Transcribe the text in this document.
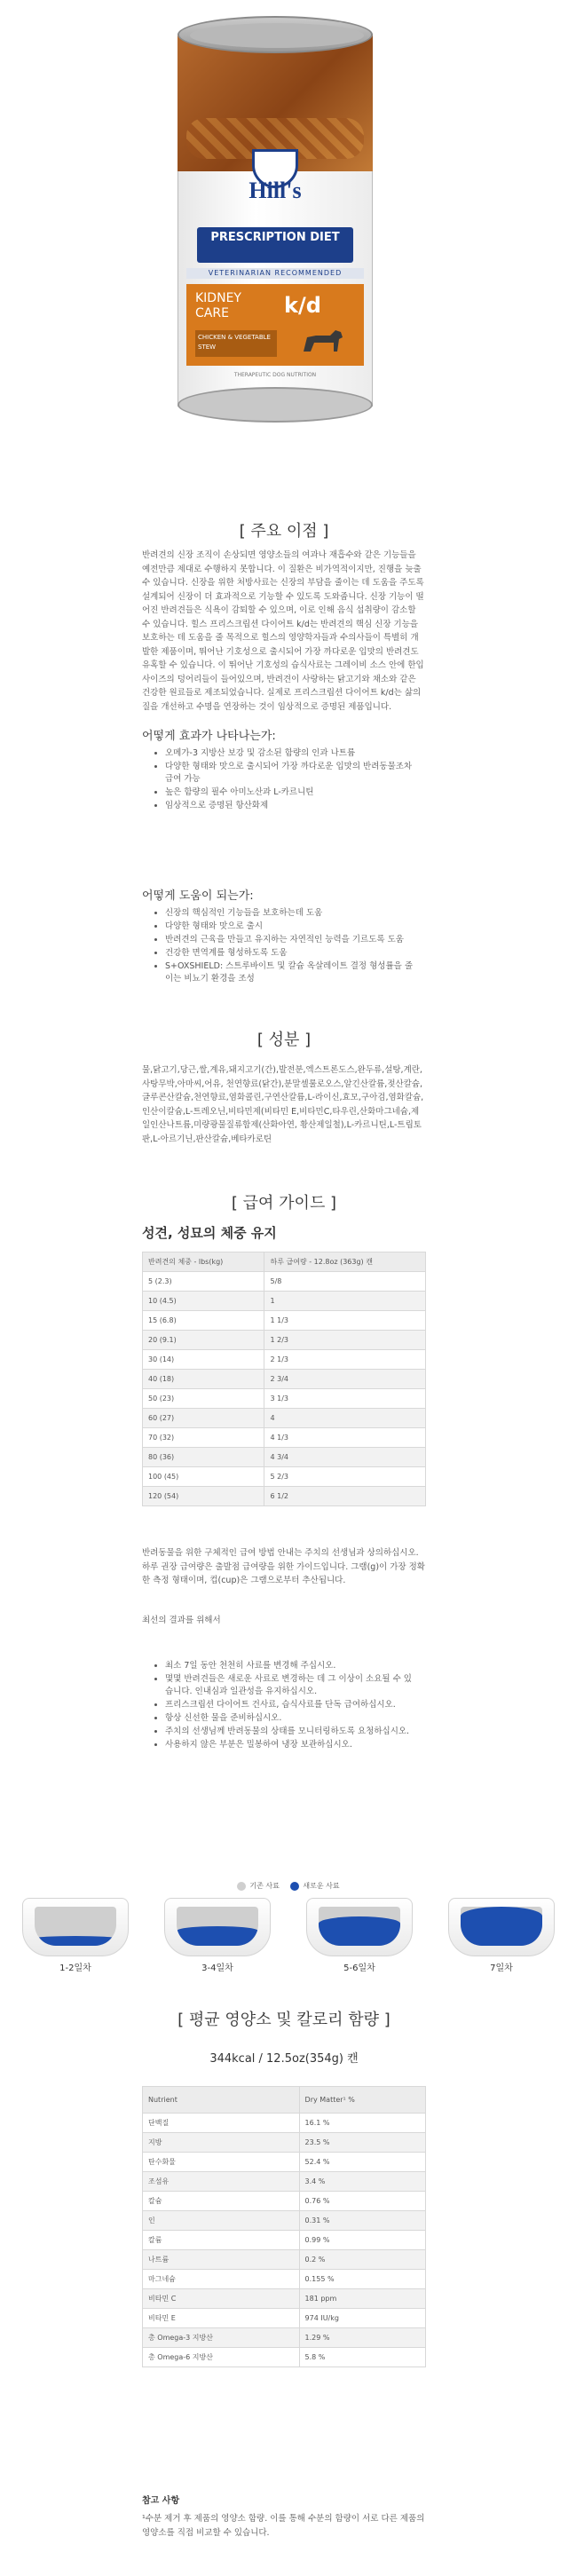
Hill's
PRESCRIPTION DIET
VETERINARIAN RECOMMENDED
KIDNEY CARE	k/d
CHICKEN & VEGETABLE STEW
THERAPEUTIC DOG NUTRITION
[ 주요 이점 ]
반려견의 신장 조직이 손상되면 영양소들의 여과나 재흡수와 같은 기능들을 예전만큼 제대로 수행하지 못합니다. 이 질환은 비가역적이지만, 진행을 늦출 수 있습니다. 신장을 위한 처방사료는 신장의 부담을 줄이는 데 도움을 주도록 설계되어 신장이 더 효과적으로 기능할 수 있도록 도와줍니다. 신장 기능이 떨어진 반려견들은 식욕이 감퇴할 수 있으며, 이로 인해 음식 섭취량이 감소할 수 있습니다. 힐스 프리스크립션 다이어트 k/d는 반려견의 핵심 신장 기능을 보호하는 데 도움을 줄 목적으로 힐스의 영양학자들과 수의사들이 특별히 개발한 제품이며, 뛰어난 기호성으로 출시되어 가장 까다로운 입맛의 반려견도 유혹할 수 있습니다. 이 뛰어난 기호성의 습식사료는 그레이비 소스 안에 한입 사이즈의 덩어리들이 들어있으며, 반려견이 사랑하는 닭고기와 채소와 같은 건강한 원료들로 제조되었습니다. 실제로 프리스크립션 다이어트 k/d는 삶의 질을 개선하고 수명을 연장하는 것이 임상적으로 증명된 제품입니다.
어떻게 효과가 나타나는가:
• 오메가-3 지방산 보강 및 감소된 함량의 인과 나트륨
• 다양한 형태와 맛으로 출시되어 가장 까다로운 입맛의 반려동물조차 급여 가능
• 높은 함량의 필수 아미노산과 L-카르니틴
• 임상적으로 증명된 항산화제
어떻게 도움이 되는가:
• 신장의 핵심적인 기능들을 보호하는데 도움
• 다양한 형태와 맛으로 출시
• 반려견의 근육을 만들고 유지하는 자연적인 능력을 기르도록 도움
• 건강한 면역계를 형성하도록 도움
• S+OXSHIELD: 스트루바이트 및 칼슘 옥살레이트 결정 형성률을 줄이는 비뇨기 환경을 조성
[ 성분 ]
물,닭고기,당근,쌀,계유,돼지고기(간),발전분,엑스트론도스,완두류,설탕,계란,사탕무박,아마씨,어유, 천연향료(닭간),분말셀룰로오스,알긴산칼륨,젖산칼슘,글루콘산칼슘,천연향료,염화콜린,구연산칼륨,L-라이신,효모,구아검,염화칼슘,인산이칼슘,L-트레오닌,비타민제(비타민 E,비타민C,타우린,산화마그네슘,제일인산나트륨,미량광물질류합제(산화아연, 황산제일철),L-카르니틴,L-트립토판,L-아르기닌,판산칼슘,베타카로틴
[ 급여 가이드 ]
성견, 성묘의 체중 유지
반려견의 체중 - lbs(kg)	하루 급여량 - 12.8oz (363g) 캔
5 (2.3)	5/8
10 (4.5)	1
15 (6.8)	1 1/3
20 (9.1)	1 2/3
30 (14)	2 1/3
40 (18)	2 3/4
50 (23)	3 1/3
60 (27)	4
70 (32)	4 1/3
80 (36)	4 3/4
100 (45)	5 2/3
120 (54)	6 1/2
반려동물을 위한 구체적인 급여 방법 안내는 주치의 선생님과 상의하십시오. 하루 권장 급여량은 출발점 급여량을 위한 가이드입니다. 그램(g)이 가장 정확한 측정 형태이며, 컵(cup)은 그램으로부터 추산됩니다.
최선의 결과를 위해서
• 최소 7일 동안 천천히 사료를 변경해 주십시오.
• 몇몇 반려견들은 새로운 사료로 변경하는 데 그 이상이 소요될 수 있습니다. 인내심과 일관성을 유지하십시오.
• 프리스크립션 다이어트 건사료, 습식사료를 단독 급여하십시오.
• 항상 신선한 물을 준비하십시오.
• 주치의 선생님께 반려동물의 상태를 모니터링하도록 요청하십시오.
• 사용하지 않은 부분은 밀봉하여 냉장 보관하십시오.
기존 사료	새로운 사료
1-2일차	3-4일차	5-6일차	7일차
[ 평균 영양소 및 칼로리 함량 ]
344kcal / 12.5oz(354g) 캔
Nutrient	Dry Matter¹ %
단백질	16.1 %
지방	23.5 %
탄수화물	52.4 %
조섬유	3.4 %
칼슘	0.76 %
인	0.31 %
칼륨	0.99 %
나트륨	0.2 %
마그네슘	0.155 %
비타민 C	181 ppm
비타민 E	974 IU/kg
총 Omega-3 지방산	1.29 %
총 Omega-6 지방산	5.8 %
참고 사항
¹수분 제거 후 제품의 영양소 함량. 이를 통해 수분의 함량이 서로 다른 제품의 영양소를 직접 비교할 수 있습니다.
